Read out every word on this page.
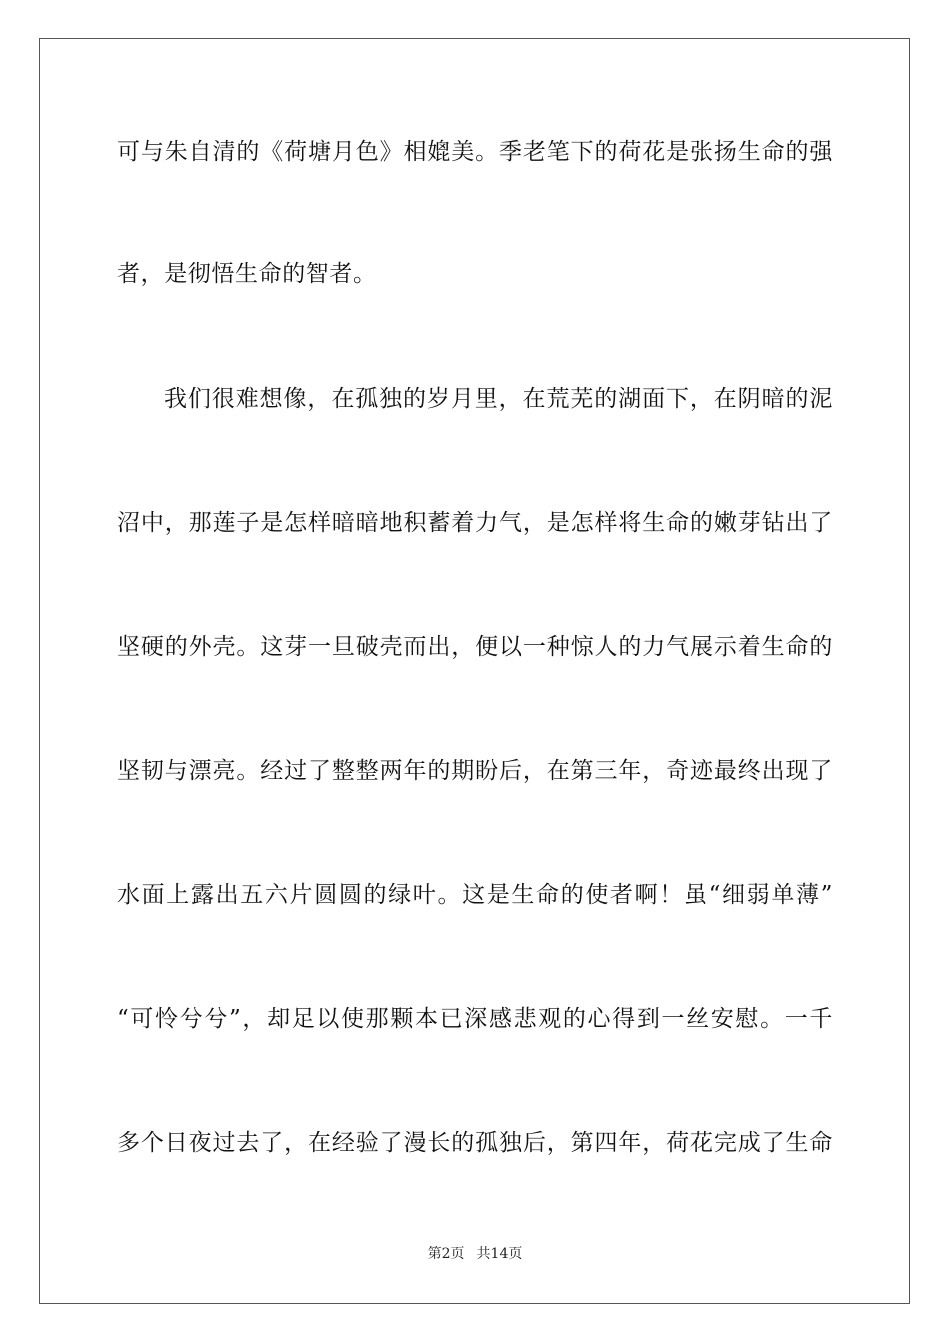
可与朱自清的《荷塘月色》相媲美。季老笔下的荷花是张扬生命的强
者，是彻悟生命的智者。
我们很难想像，在孤独的岁月里，在荒芜的湖面下，在阴暗的泥
沼中，那莲子是怎样暗暗地积蓄着力气，是怎样将生命的嫩芽钻出了
坚硬的外壳。这芽一旦破壳而出，便以一种惊人的力气展示着生命的
坚韧与漂亮。经过了整整两年的期盼后，在第三年，奇迹最终出现了
水面上露出五六片圆圆的绿叶。这是生命的使者啊！虽“细弱单薄”
“可怜兮兮”，却足以使那颗本已深感悲观的心得到一丝安慰。一千
多个日夜过去了，在经验了漫长的孤独后，第四年，荷花完成了生命
第2页 共14页
